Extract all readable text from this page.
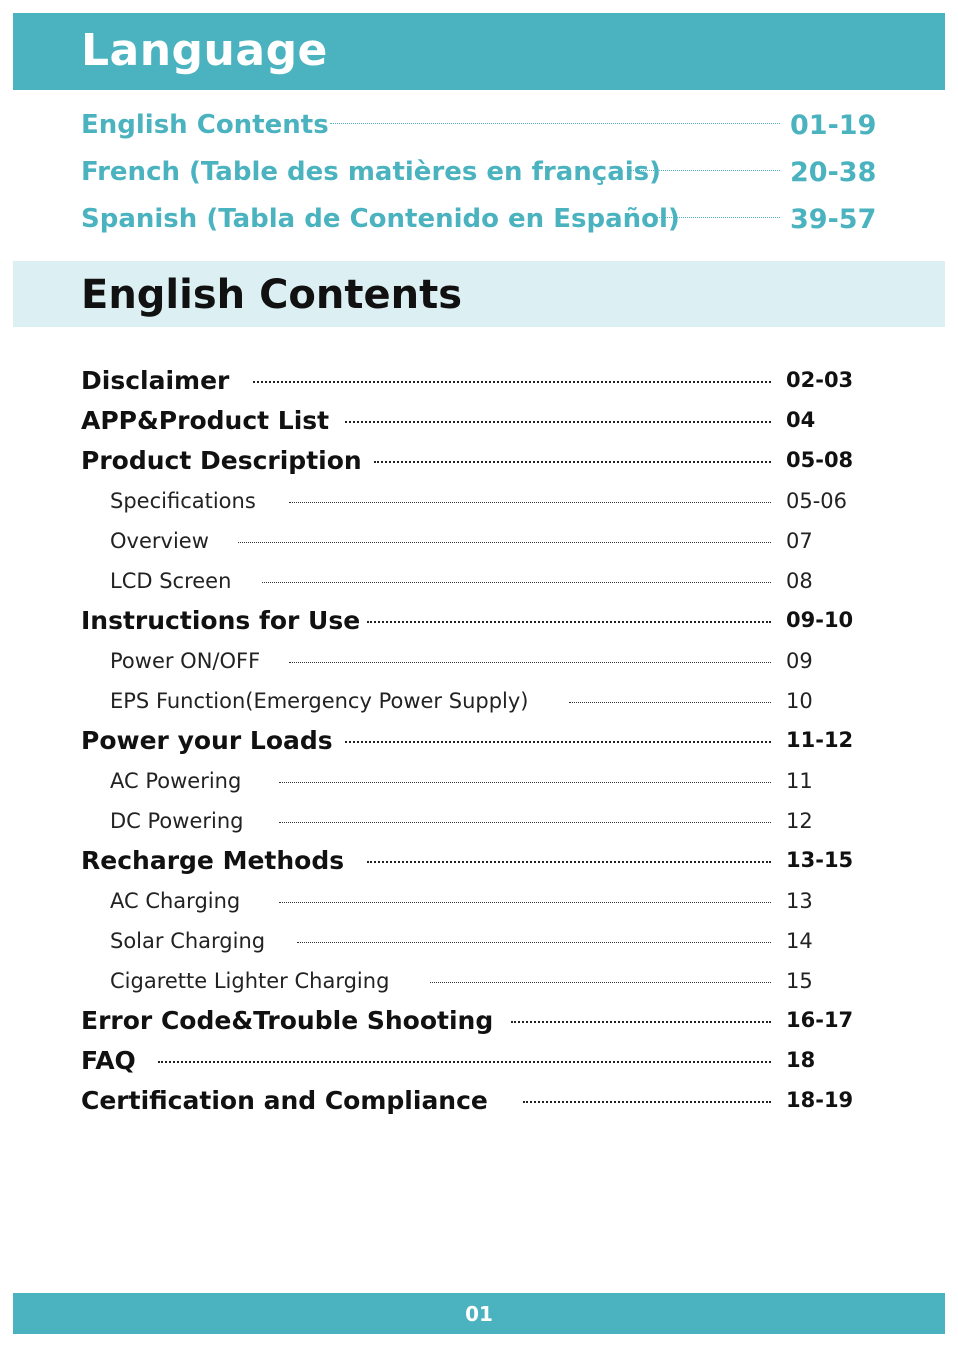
Language
English Contents	01-19
French (Table des matières en français)	20-38
Spanish (Tabla de Contenido en Español)	39-57
English Contents
Disclaimer	02-03
APP&Product List	04
Product Description	05-08
Specifications	05-06
Overview	07
LCD Screen	08
Instructions for Use	09-10
Power ON/OFF	09
EPS Function(Emergency Power Supply)	10
Power your Loads	11-12
AC Powering	11
DC Powering	12
Recharge Methods	13-15
AC Charging	13
Solar Charging	14
Cigarette Lighter Charging	15
Error Code&Trouble Shooting	16-17
FAQ	18
Certification and Compliance	18-19
01
